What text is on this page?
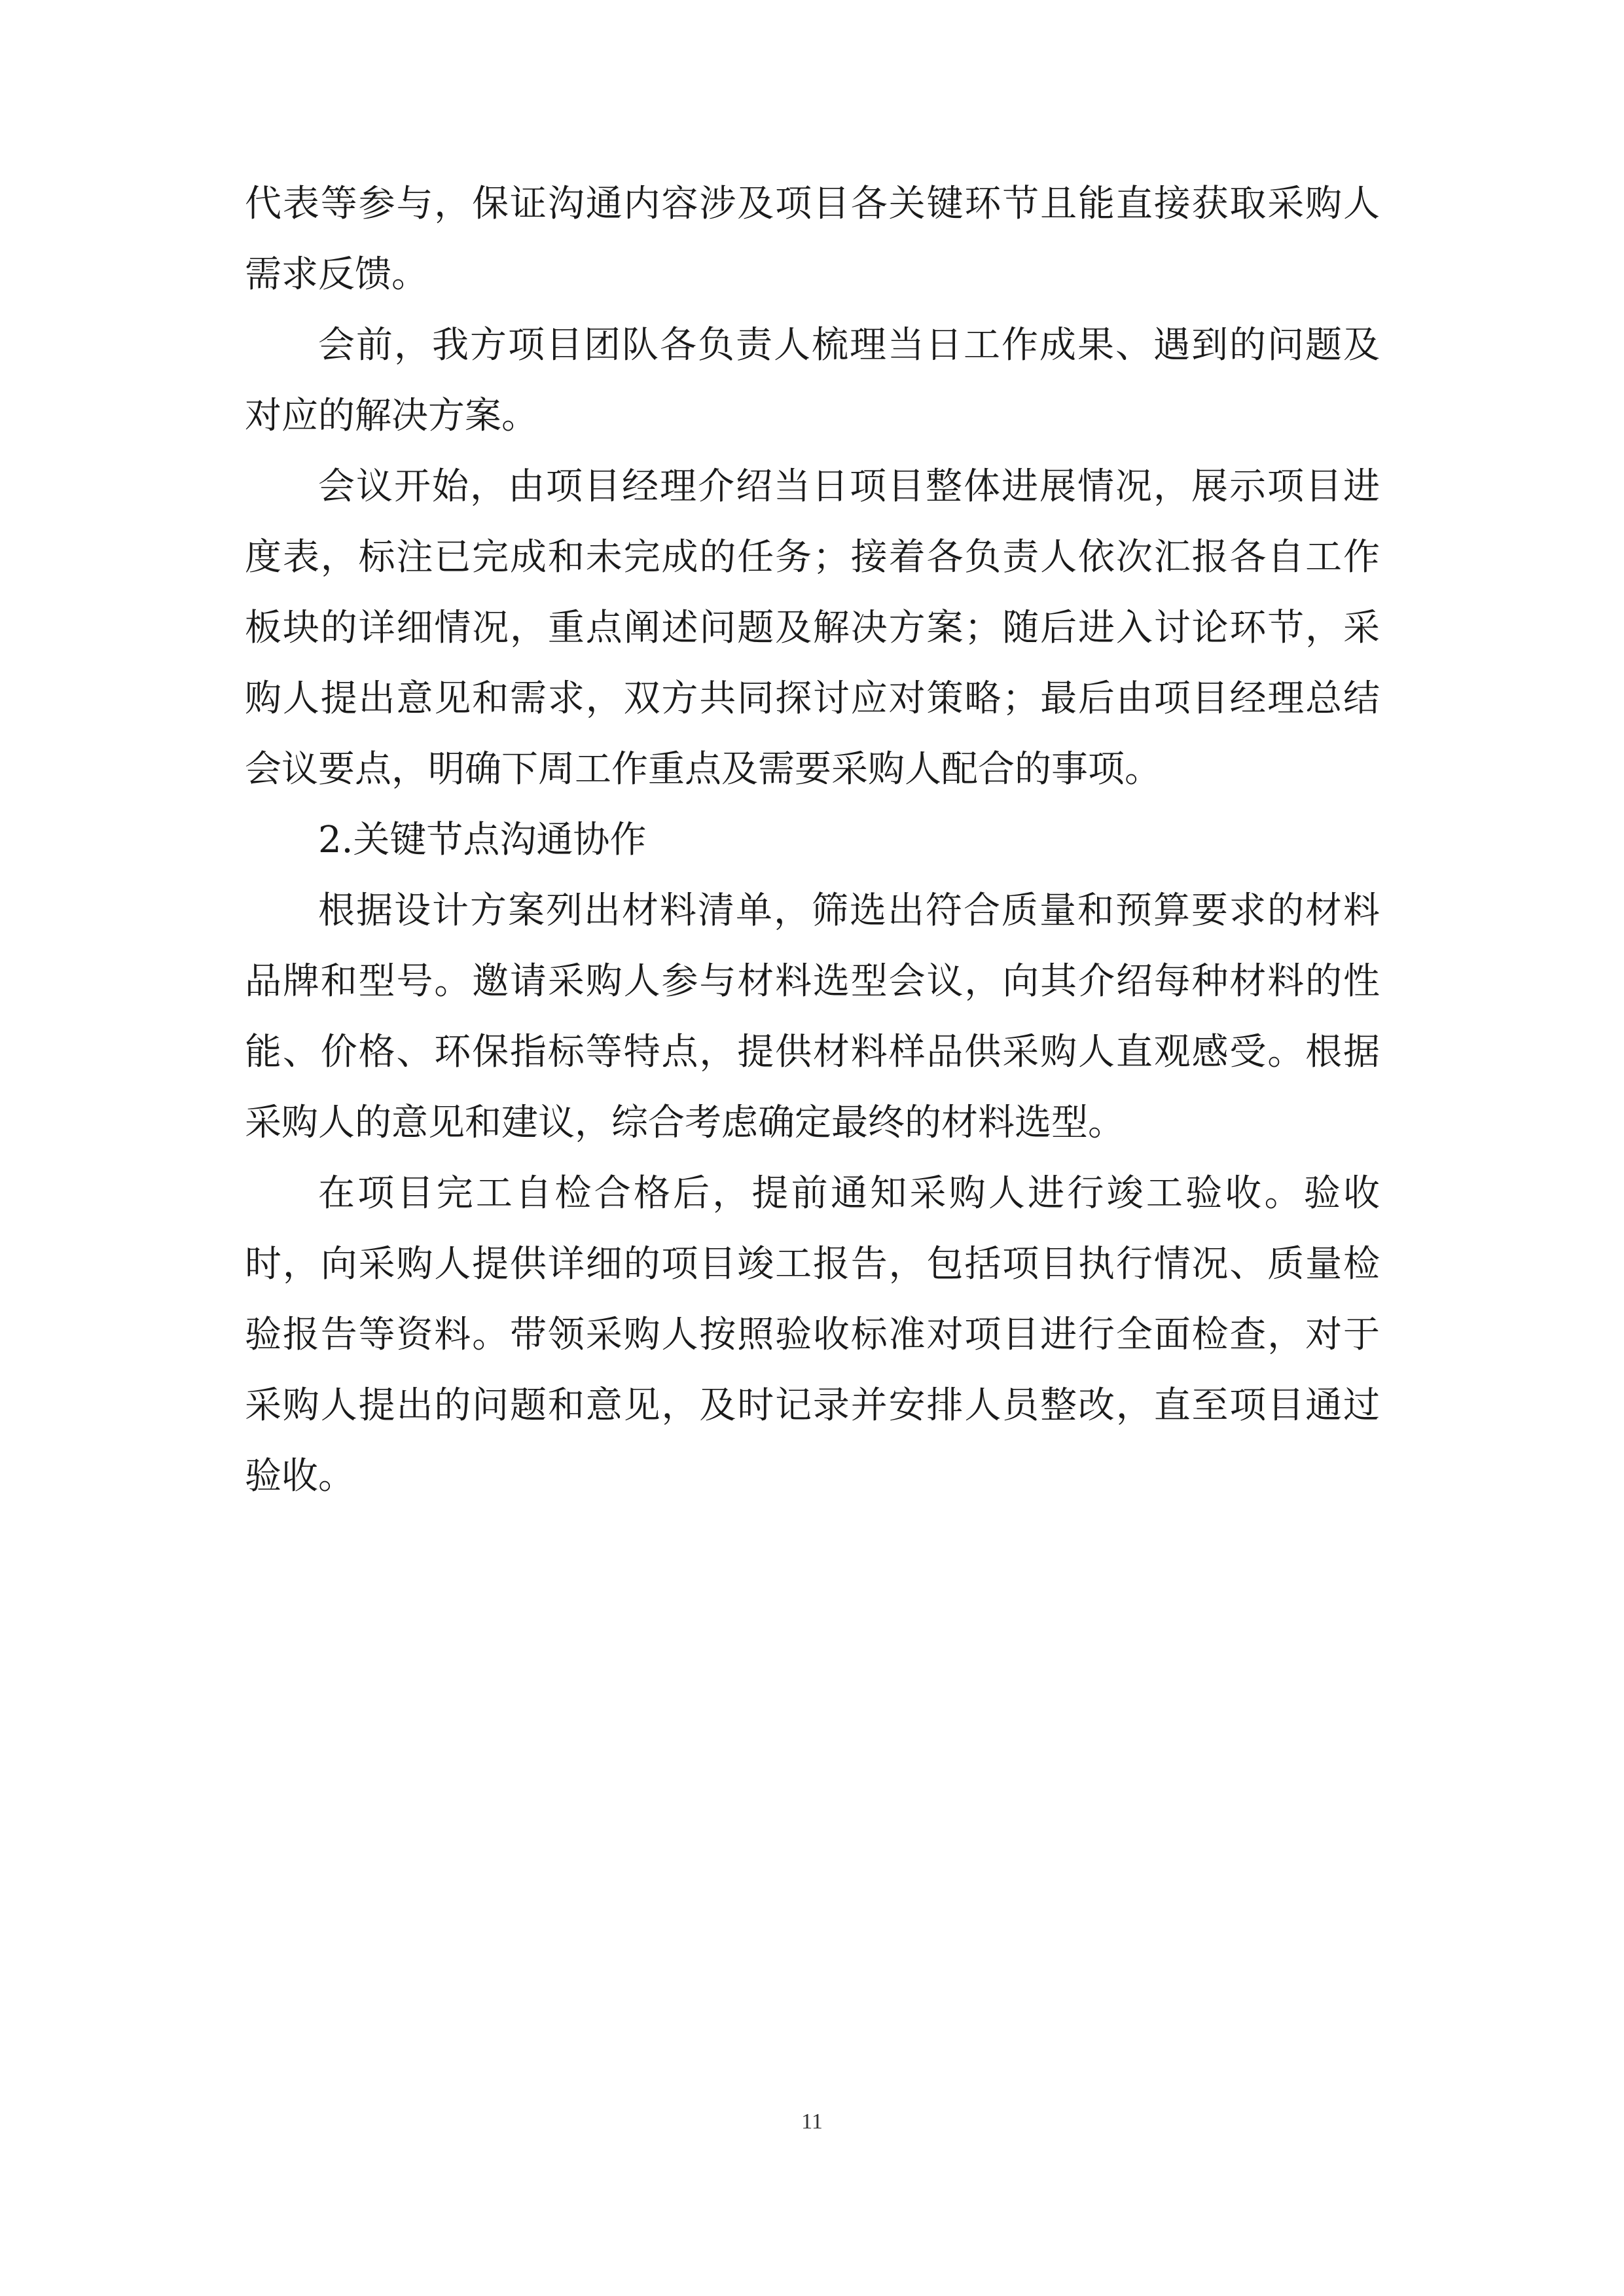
代表等参与，保证沟通内容涉及项目各关键环节且能直接获取采购人需求反馈。

会前，我方项目团队各负责人梳理当日工作成果、遇到的问题及对应的解决方案。

会议开始，由项目经理介绍当日项目整体进展情况，展示项目进度表，标注已完成和未完成的任务；接着各负责人依次汇报各自工作板块的详细情况，重点阐述问题及解决方案；随后进入讨论环节，采购人提出意见和需求，双方共同探讨应对策略；最后由项目经理总结会议要点，明确下周工作重点及需要采购人配合的事项。

2.关键节点沟通协作

根据设计方案列出材料清单，筛选出符合质量和预算要求的材料品牌和型号。邀请采购人参与材料选型会议，向其介绍每种材料的性能、价格、环保指标等特点，提供材料样品供采购人直观感受。根据采购人的意见和建议，综合考虑确定最终的材料选型。

在项目完工自检合格后，提前通知采购人进行竣工验收。验收时，向采购人提供详细的项目竣工报告，包括项目执行情况、质量检验报告等资料。带领采购人按照验收标准对项目进行全面检查，对于采购人提出的问题和意见，及时记录并安排人员整改，直至项目通过验收。

11
